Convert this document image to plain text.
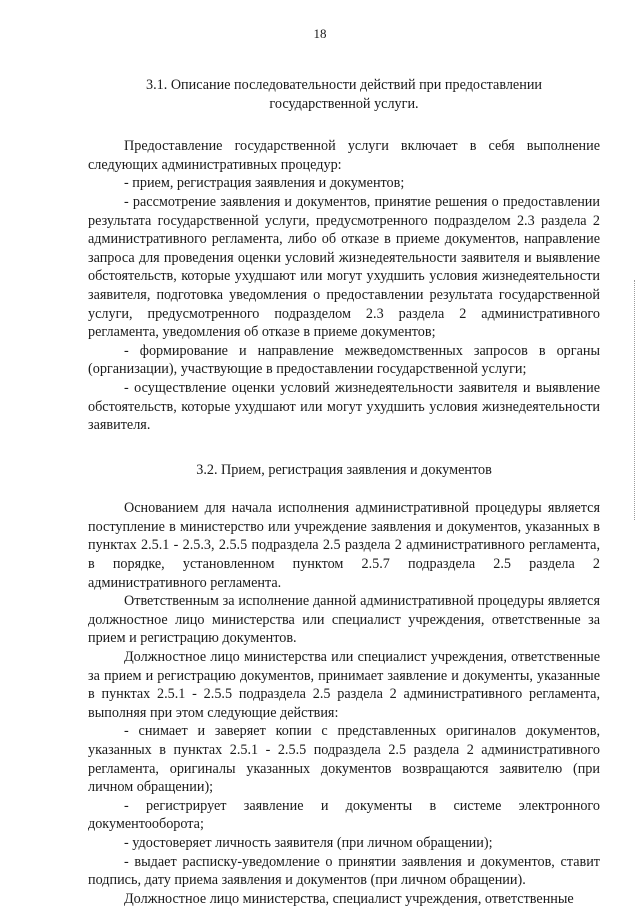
18
3.1. Описание последовательности действий при предоставлении государственной услуги.

Предоставление государственной услуги включает в себя выполнение следующих административных процедур:

- прием, регистрация заявления и документов;

- рассмотрение заявления и документов, принятие решения о предоставлении результата государственной услуги, предусмотренного подразделом 2.3 раздела 2 административного регламента, либо об отказе в приеме документов, направление запроса для проведения оценки условий жизнедеятельности заявителя и выявление обстоятельств, которые ухудшают или могут ухудшить условия жизнедеятельности заявителя, подготовка уведомления о предоставлении результата государственной услуги, предусмотренного подразделом 2.3 раздела 2 административного регламента, уведомления об отказе в приеме документов;

- формирование и направление межведомственных запросов в органы (организации), участвующие в предоставлении государственной услуги;

- осуществление оценки условий жизнедеятельности заявителя и выявление обстоятельств, которые ухудшают или могут ухудшить условия жизнедеятельности заявителя.

3.2. Прием, регистрация заявления и документов

Основанием для начала исполнения административной процедуры является поступление в министерство или учреждение заявления и документов, указанных в пунктах 2.5.1 - 2.5.3, 2.5.5 подраздела 2.5 раздела 2 административного регламента, в порядке, установленном пунктом 2.5.7 подраздела 2.5 раздела 2 административного регламента.

Ответственным за исполнение данной административной процедуры является должностное лицо министерства или специалист учреждения, ответственные за прием и регистрацию документов.

Должностное лицо министерства или специалист учреждения, ответственные за прием и регистрацию документов, принимает заявление и документы, указанные в пунктах 2.5.1 - 2.5.5 подраздела 2.5 раздела 2 административного регламента, выполняя при этом следующие действия:

- снимает и заверяет копии с представленных оригиналов документов, указанных в пунктах 2.5.1 - 2.5.5 подраздела 2.5 раздела 2 административного регламента, оригиналы указанных документов возвращаются заявителю (при личном обращении);

- регистрирует заявление и документы в системе электронного документооборота;

- удостоверяет личность заявителя (при личном обращении);

- выдает расписку-уведомление о принятии заявления и документов, ставит подпись, дату приема заявления и документов (при личном обращении).

Должностное лицо министерства, специалист учреждения, ответственные
